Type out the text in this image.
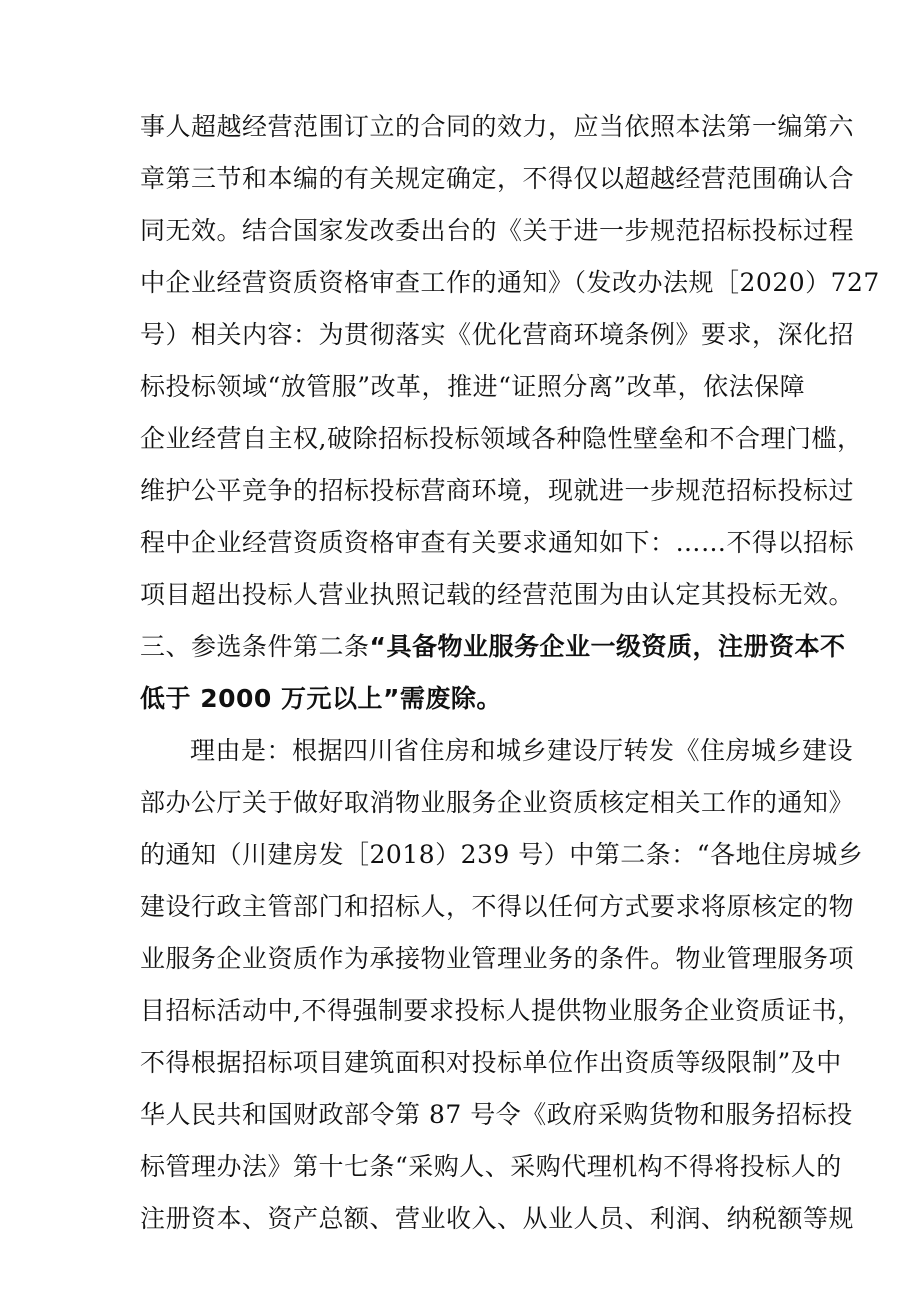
事人超越经营范围订立的合同的效力，应当依照本法第一编第六
章第三节和本编的有关规定确定，不得仅以超越经营范围确认合
同无效。结合国家发改委出台的《关于进一步规范招标投标过程
中企业经营资质资格审查工作的通知》（发改办法规［2020）727
号）相关内容：为贯彻落实《优化营商环境条例》要求，深化招
标投标领域“放管服”改革，推进“证照分离”改革，依法保障
企业经营自主权,破除招标投标领域各种隐性壁垒和不合理门槛，
维护公平竞争的招标投标营商环境，现就进一步规范招标投标过
程中企业经营资质资格审查有关要求通知如下：……不得以招标
项目超出投标人营业执照记载的经营范围为由认定其投标无效。
三、参选条件第二条“具备物业服务企业一级资质，注册资本不
低于 2000 万元以上”需废除。
理由是：根据四川省住房和城乡建设厅转发《住房城乡建设
部办公厅关于做好取消物业服务企业资质核定相关工作的通知》
的通知（川建房发［2018）239 号）中第二条：“各地住房城乡
建设行政主管部门和招标人，不得以任何方式要求将原核定的物
业服务企业资质作为承接物业管理业务的条件。物业管理服务项
目招标活动中,不得强制要求投标人提供物业服务企业资质证书，
不得根据招标项目建筑面积对投标单位作出资质等级限制”及中
华人民共和国财政部令第 87 号令《政府采购货物和服务招标投
标管理办法》第十七条“采购人、采购代理机构不得将投标人的
注册资本、资产总额、营业收入、从业人员、利润、纳税额等规
